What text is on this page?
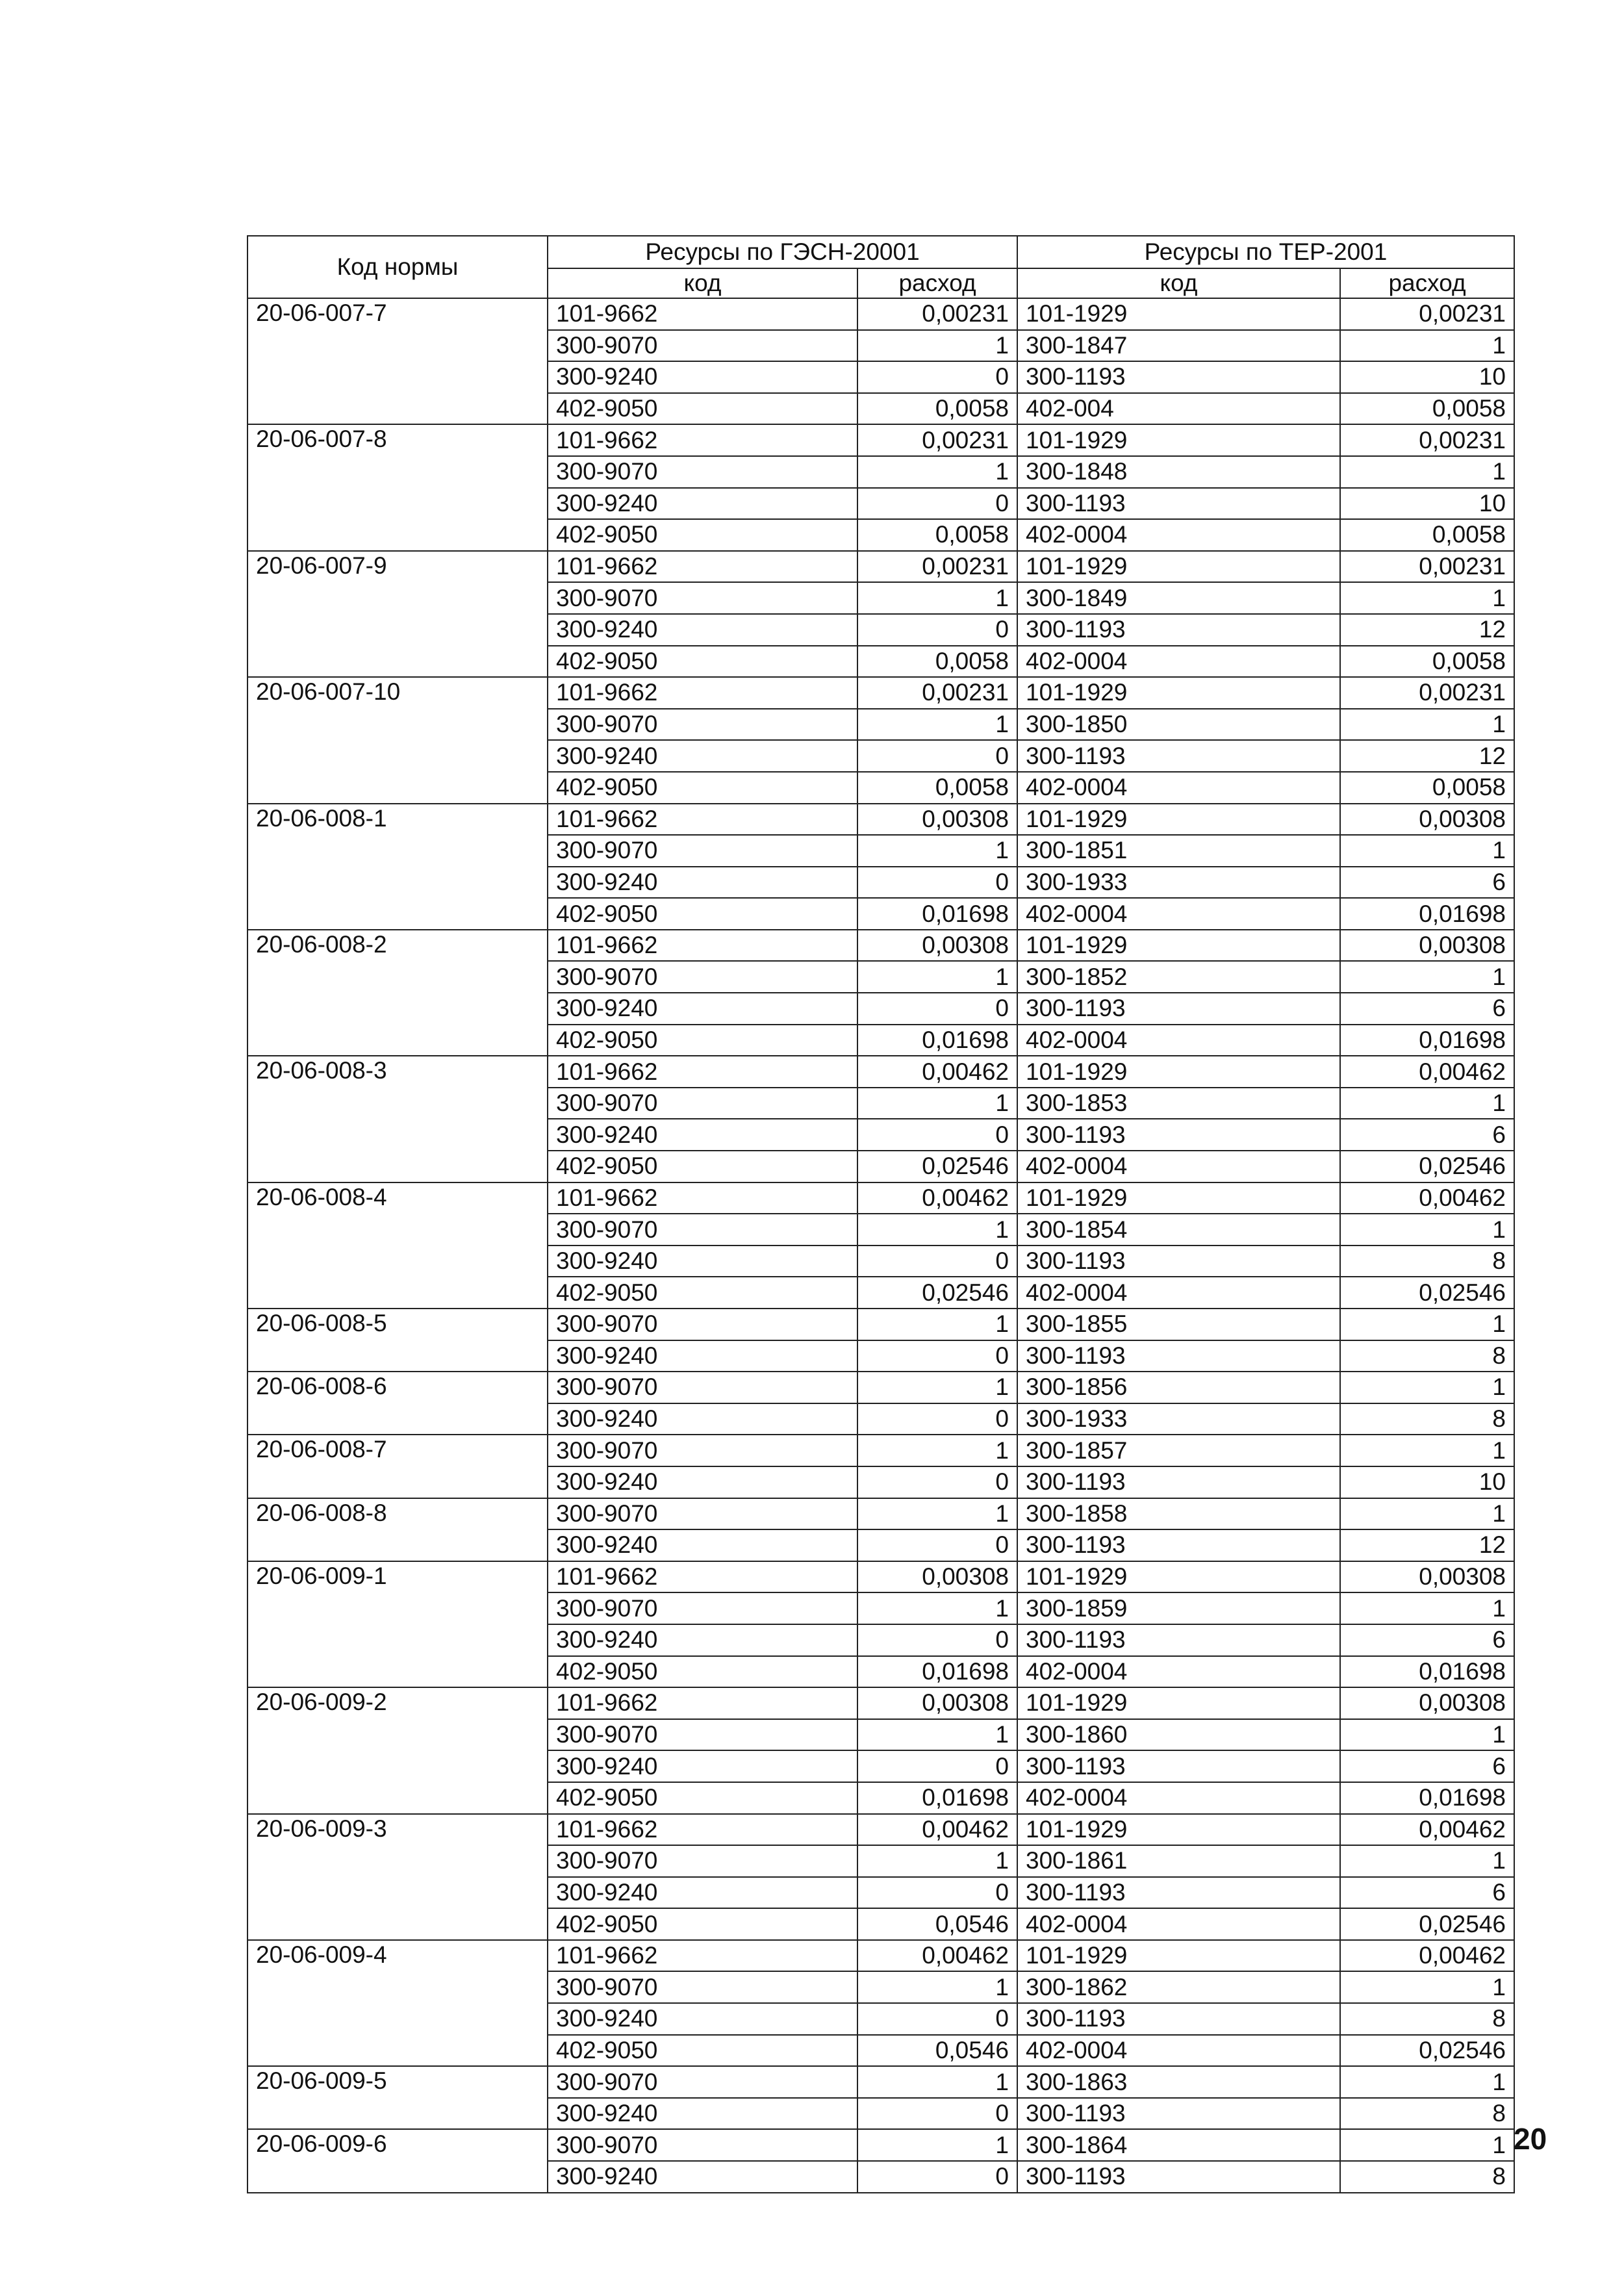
Код нормы	Ресурсы по ГЭСН-20001		Ресурсы по ТЕР-2001	
	код	расход	код	расход
20-06-007-7	101-9662	0,00231	101-1929	0,00231
	300-9070	1	300-1847	1
	300-9240	0	300-1193	10
	402-9050	0,0058	402-004	0,0058
20-06-007-8	101-9662	0,00231	101-1929	0,00231
	300-9070	1	300-1848	1
	300-9240	0	300-1193	10
	402-9050	0,0058	402-0004	0,0058
20-06-007-9	101-9662	0,00231	101-1929	0,00231
	300-9070	1	300-1849	1
	300-9240	0	300-1193	12
	402-9050	0,0058	402-0004	0,0058
20-06-007-10	101-9662	0,00231	101-1929	0,00231
	300-9070	1	300-1850	1
	300-9240	0	300-1193	12
	402-9050	0,0058	402-0004	0,0058
20-06-008-1	101-9662	0,00308	101-1929	0,00308
	300-9070	1	300-1851	1
	300-9240	0	300-1933	6
	402-9050	0,01698	402-0004	0,01698
20-06-008-2	101-9662	0,00308	101-1929	0,00308
	300-9070	1	300-1852	1
	300-9240	0	300-1193	6
	402-9050	0,01698	402-0004	0,01698
20-06-008-3	101-9662	0,00462	101-1929	0,00462
	300-9070	1	300-1853	1
	300-9240	0	300-1193	6
	402-9050	0,02546	402-0004	0,02546
20-06-008-4	101-9662	0,00462	101-1929	0,00462
	300-9070	1	300-1854	1
	300-9240	0	300-1193	8
	402-9050	0,02546	402-0004	0,02546
20-06-008-5	300-9070	1	300-1855	1
	300-9240	0	300-1193	8
20-06-008-6	300-9070	1	300-1856	1
	300-9240	0	300-1933	8
20-06-008-7	300-9070	1	300-1857	1
	300-9240	0	300-1193	10
20-06-008-8	300-9070	1	300-1858	1
	300-9240	0	300-1193	12
20-06-009-1	101-9662	0,00308	101-1929	0,00308
	300-9070	1	300-1859	1
	300-9240	0	300-1193	6
	402-9050	0,01698	402-0004	0,01698
20-06-009-2	101-9662	0,00308	101-1929	0,00308
	300-9070	1	300-1860	1
	300-9240	0	300-1193	6
	402-9050	0,01698	402-0004	0,01698
20-06-009-3	101-9662	0,00462	101-1929	0,00462
	300-9070	1	300-1861	1
	300-9240	0	300-1193	6
	402-9050	0,0546	402-0004	0,02546
20-06-009-4	101-9662	0,00462	101-1929	0,00462
	300-9070	1	300-1862	1
	300-9240	0	300-1193	8
	402-9050	0,0546	402-0004	0,02546
20-06-009-5	300-9070	1	300-1863	1
	300-9240	0	300-1193	8
20-06-009-6	300-9070	1	300-1864	1
	300-9240	0	300-1193	8
20
